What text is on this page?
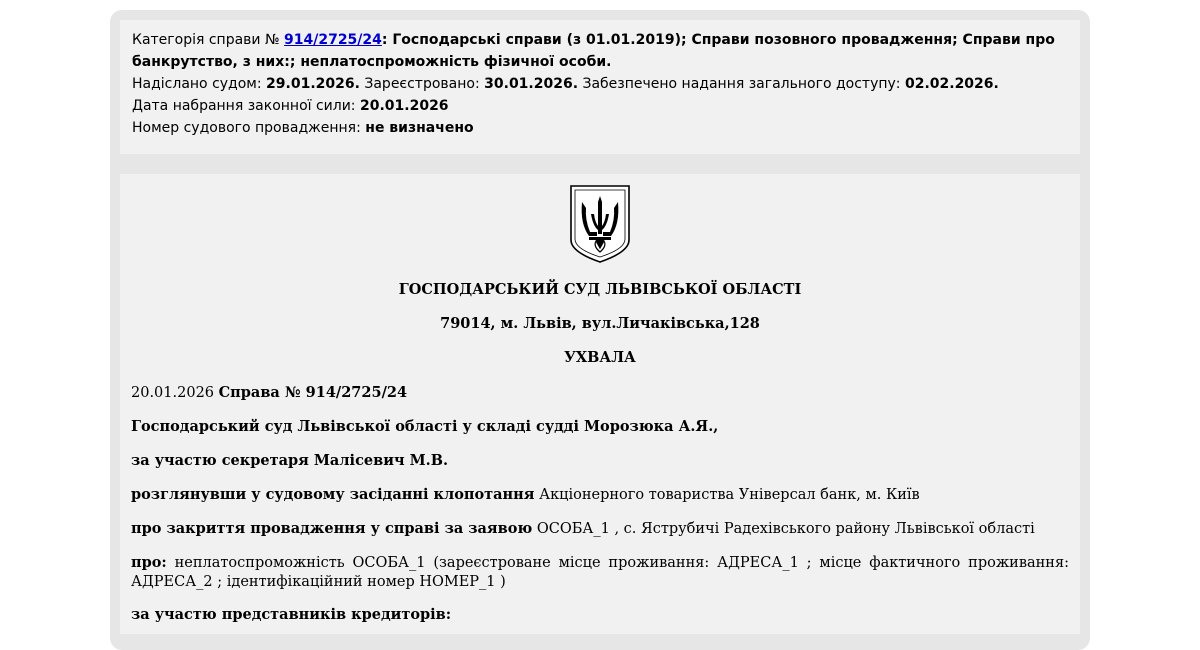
Категорія справи № 914/2725/24: Господарські справи (з 01.01.2019); Справи позовного провадження; Справи про банкрутство, з них:; неплатоспроможність фізичної особи.
Надіслано судом: 29.01.2026. Зареєстровано: 30.01.2026. Забезпечено надання загального доступу: 02.02.2026.
Дата набрання законної сили: 20.01.2026
Номер судового провадження: не визначено
ГОСПОДАРСЬКИЙ СУД ЛЬВІВСЬКОЇ ОБЛАСТІ
79014, м. Львів, вул.Личаківська,128
УХВАЛА
20.01.2026 Справа № 914/2725/24
Господарський суд Львівської області у складі судді Морозюка А.Я.,
за участю секретаря Малісевич М.В.
розглянувши у судовому засіданні клопотання Акціонерного товариства Універсал банк, м. Київ
про закриття провадження у справі за заявою ОСОБА_1 , с. Яструбичі Радехівського району Львівської області
про: неплатоспроможність ОСОБА_1 (зареєстроване місце проживання: АДРЕСА_1 ; місце фактичного проживання: АДРЕСА_2 ; ідентифікаційний номер НОМЕР_1 )
за участю представників кредиторів:
